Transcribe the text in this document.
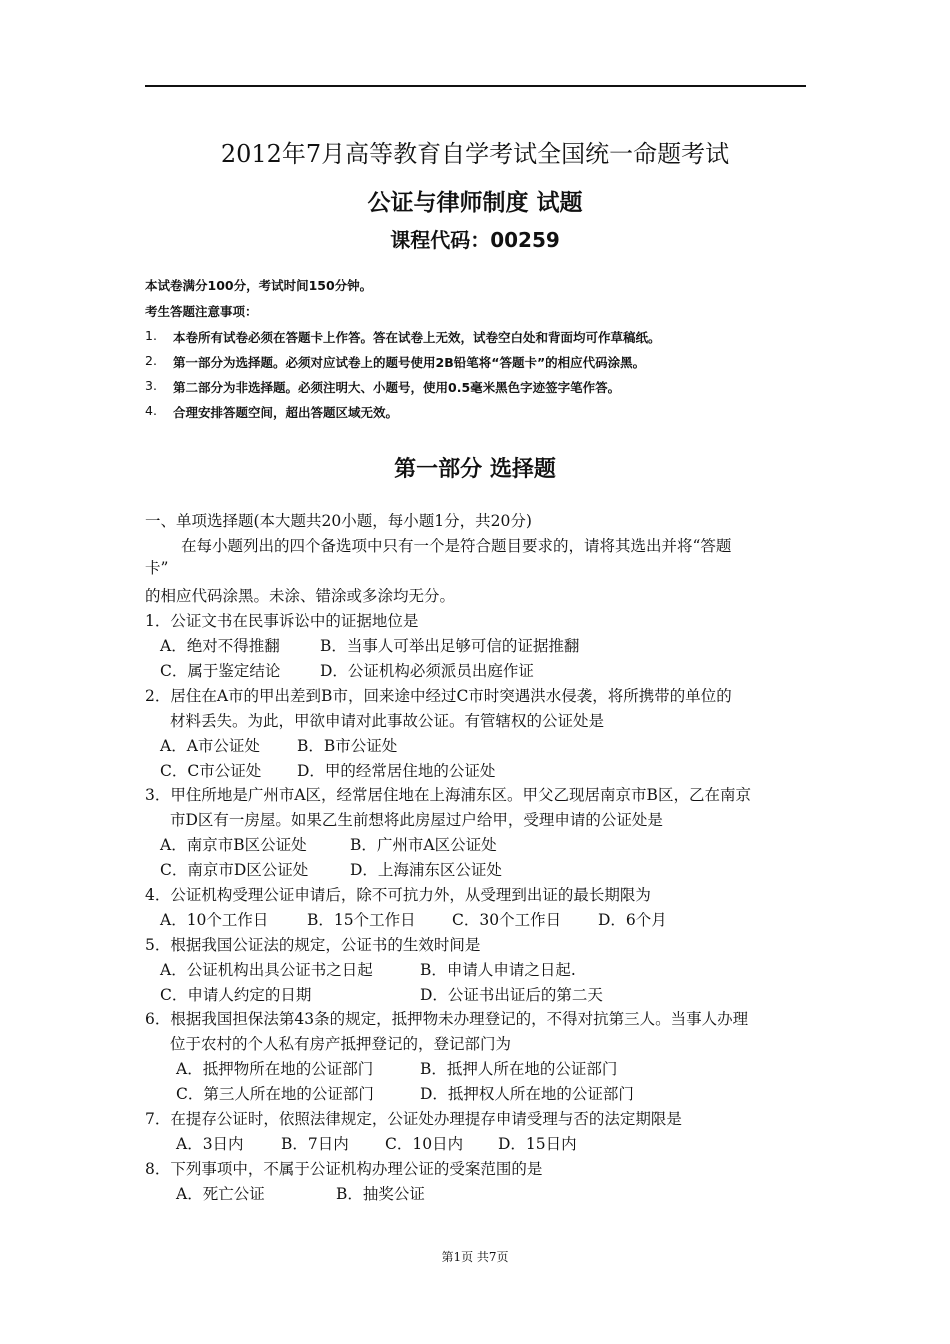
2012年7月高等教育自学考试全国统一命题考试
公证与律师制度 试题
课程代码：00259
本试卷满分100分，考试时间150分钟。
考生答题注意事项：
1. 本卷所有试卷必须在答题卡上作答。答在试卷上无效，试卷空白处和背面均可作草稿纸。
2. 第一部分为选择题。必须对应试卷上的题号使用2B铅笔将“答题卡”的相应代码涂黑。
3. 第二部分为非选择题。必须注明大、小题号，使用0.5毫米黑色字迹签字笔作答。
4. 合理安排答题空间，超出答题区域无效。
第一部分 选择题
一、单项选择题(本大题共20小题，每小题1分，共20分)
在每小题列出的四个备选项中只有一个是符合题目要求的，请将其选出并将“答题
卡”
的相应代码涂黑。未涂、错涂或多涂均无分。
1．公证文书在民事诉讼中的证据地位是
A．绝对不得推翻	B．当事人可举出足够可信的证据推翻
C．属于鉴定结论	D．公证机构必须派员出庭作证
2．居住在A市的甲出差到B市，回来途中经过C市时突遇洪水侵袭，将所携带的单位的
材料丢失。为此，甲欲申请对此事故公证。有管辖权的公证处是
A．A市公证处 B．B市公证处
C．C市公证处 D．甲的经常居住地的公证处
3．甲住所地是广州市A区，经常居住地在上海浦东区。甲父乙现居南京市B区，乙在南京
市D区有一房屋。如果乙生前想将此房屋过户给甲，受理申请的公证处是
A．南京市B区公证处	B．广州市A区公证处
C．南京市D区公证处	D．上海浦东区公证处
4．公证机构受理公证申请后，除不可抗力外，从受理到出证的最长期限为
A．10个工作日 B．15个工作日 C．30个工作日 D．6个月
5．根据我国公证法的规定，公证书的生效时间是
A．公证机构出具公证书之日起	B．申请人申请之日起.
C．申请人约定的日期	D．公证书出证后的第二天
6．根据我国担保法第43条的规定，抵押物未办理登记的，不得对抗第三人。当事人办理
位于农村的个人私有房产抵押登记的，登记部门为
A．抵押物所在地的公证部门	B．抵押人所在地的公证部门
C．第三人所在地的公证部门	D．抵押权人所在地的公证部门
7．在提存公证时，依照法律规定，公证处办理提存申请受理与否的法定期限是
A．3日内 B．7日内 C．10日内 D．15日内
8．下列事项中，不属于公证机构办理公证的受案范围的是
A．死亡公证	B．抽奖公证
第1页 共7页
